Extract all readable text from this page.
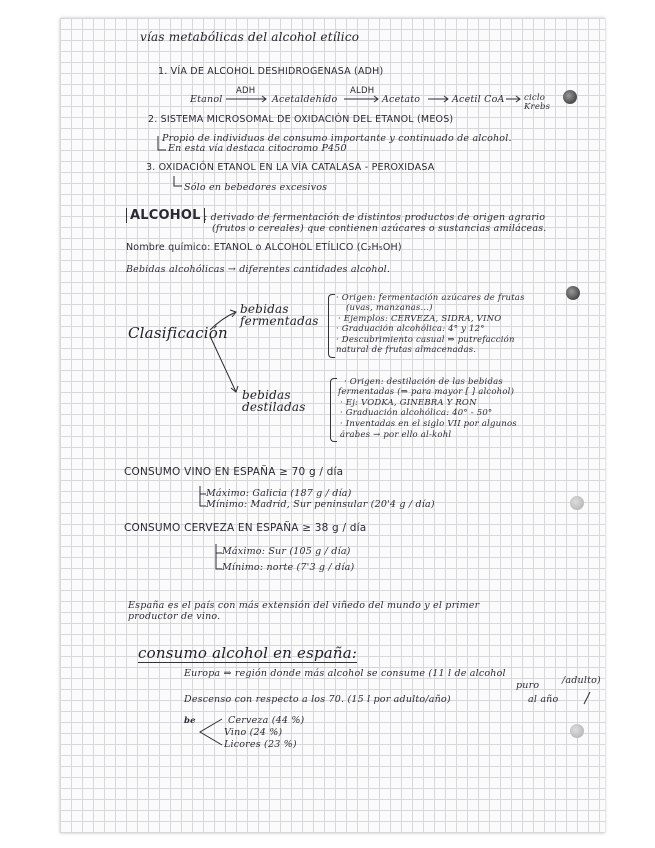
vías metabólicas del alcohol etílico
1. VÍA DE ALCOHOL DESHIDROGENASA (ADH)
Etanol
ADH
Acetaldehído
ALDH
Acetato	Acetil CoA ciclo Krebs
2. SISTEMA MICROSOMAL DE OXIDACIÓN DEL ETANOL (MEOS)
Propio de individuos de consumo importante y continuado de alcohol.
En esta vía destaca citocromo P450
3. OXIDACIÓN ETANOL EN LA VÍA CATALASA - PEROXIDASA
Sólo en bebedores excesivos
ALCOHOL : derivado de fermentación de distintos productos de origen agrario
(frutos o cereales) que contienen azúcares o sustancias amiláceas.
Nombre químico: ETANOL o ALCOHOL ETÍLICO (C₂H₅OH)
Bebidas alcohólicas → diferentes cantidades alcohol.
Clasificación
bebidas
fermentadas
· Origen: fermentación azúcares de frutas
(uvas, manzanas...)
· Ejemplos: CERVEZA, SIDRA, VINO
· Graduación alcohólica: 4° y 12°
· Descubrimiento casual ⇒ putrefacción
natural de frutas almacenadas.
bebidas
destiladas
· Origen: destilación de las bebidas
fermentadas (⇒ para mayor [ ] alcohol)
· Ej: VODKA, GINEBRA Y RON
· Graduación alcohólica: 40° - 50°
· Inventadas en el siglo VII por algunos
árabes → por ello al-kohl
CONSUMO VINO EN ESPAÑA ≥ 70 g / día
Máximo: Galicia (187 g / día)
Mínimo: Madrid, Sur peninsular (20'4 g / día)
CONSUMO CERVEZA EN ESPAÑA ≥ 38 g / día
Máximo: Sur (105 g / día)
Mínimo: norte (7'3 g / día)
España es el país con más extensión del viñedo del mundo y el primer
productor de vino.
consumo alcohol en españa:
Europa ⇒ región donde más alcohol se consume (11 l de alcohol
puro /adulto)
Descenso con respecto a los 70. (15 l por adulto/año)	al año
be	Cerveza (44 %)
Vino (24 %)
Licores (23 %)
